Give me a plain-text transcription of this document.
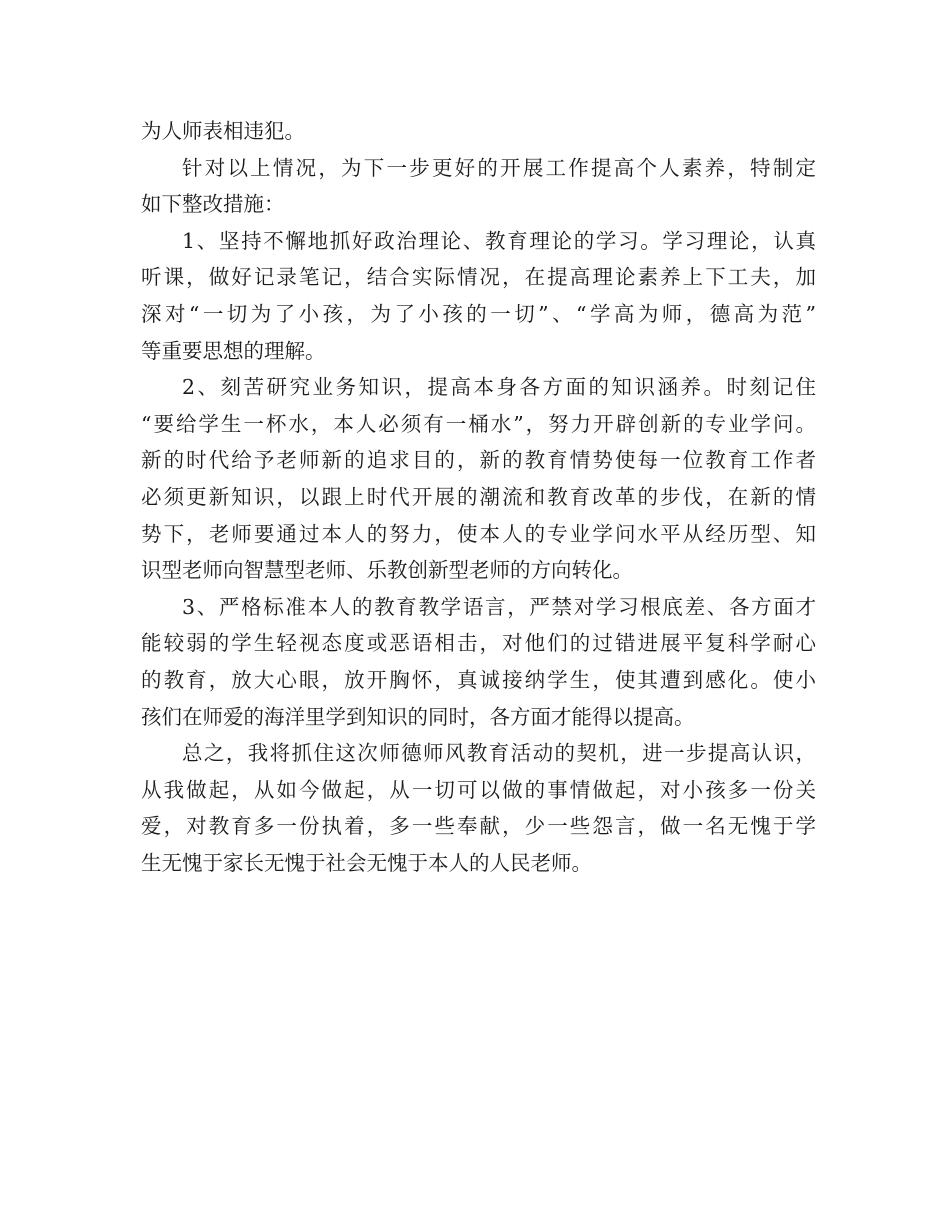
为人师表相违犯。
针对以上情况，为下一步更好的开展工作提高个人素养，特制定
如下整改措施：
1、坚持不懈地抓好政治理论、教育理论的学习。学习理论，认真
听课，做好记录笔记，结合实际情况，在提高理论素养上下工夫，加
深对“一切为了小孩，为了小孩的一切”、“学高为师，德高为范”
等重要思想的理解。
2、刻苦研究业务知识，提高本身各方面的知识涵养。时刻记住
“要给学生一杯水，本人必须有一桶水”，努力开辟创新的专业学问。
新的时代给予老师新的追求目的，新的教育情势使每一位教育工作者
必须更新知识，以跟上时代开展的潮流和教育改革的步伐，在新的情
势下，老师要通过本人的努力，使本人的专业学问水平从经历型、知
识型老师向智慧型老师、乐教创新型老师的方向转化。
3、严格标准本人的教育教学语言，严禁对学习根底差、各方面才
能较弱的学生轻视态度或恶语相击，对他们的过错进展平复科学耐心
的教育，放大心眼，放开胸怀，真诚接纳学生，使其遭到感化。使小
孩们在师爱的海洋里学到知识的同时，各方面才能得以提高。
总之，我将抓住这次师德师风教育活动的契机，进一步提高认识，
从我做起，从如今做起，从一切可以做的事情做起，对小孩多一份关
爱，对教育多一份执着，多一些奉献，少一些怨言，做一名无愧于学
生无愧于家长无愧于社会无愧于本人的人民老师。
